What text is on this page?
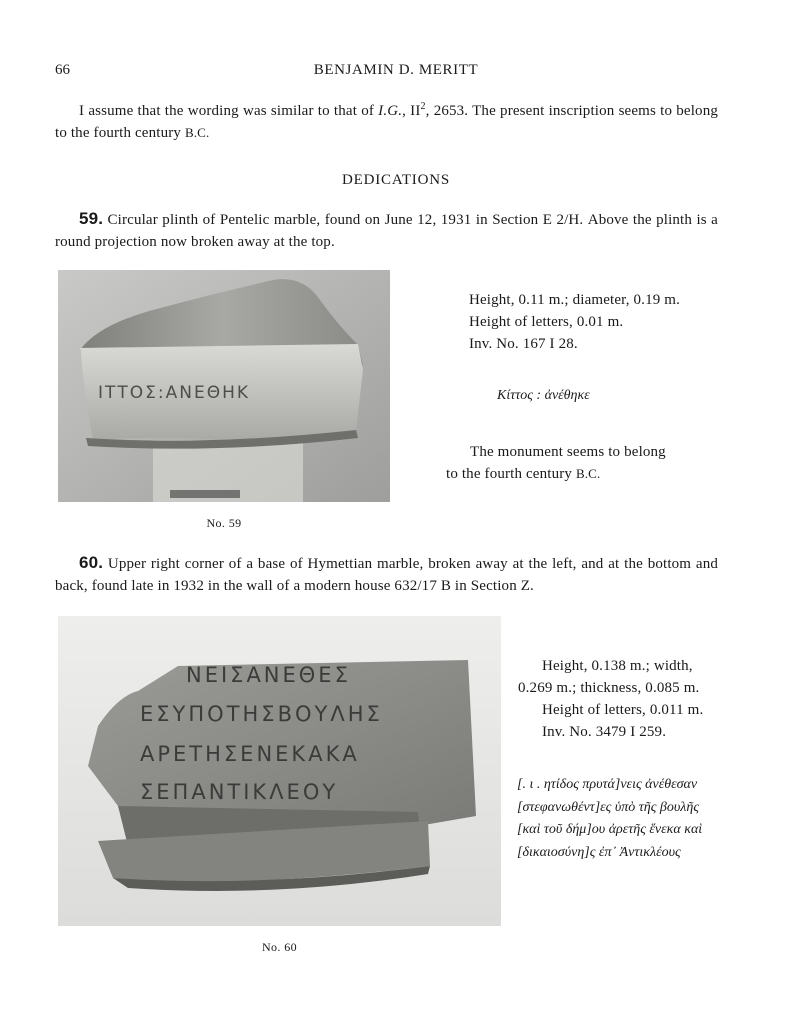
66	BENJAMIN D. MERITT
I assume that the wording was similar to that of I.G., $II^2$, 2653. The present inscription seems to belong to the fourth century B.C.
DEDICATIONS
59. Circular plinth of Pentelic marble, found on June 12, 1931 in Section Ε 2/Η. Above the plinth is a round projection now broken away at the top.
ΙΤΤΟΣ:ΑΝΕΘΗΚ
No. 59
Height, 0.11 m.; diameter, 0.19 m.
Height of letters, 0.01 m.
Inv. No. 167 I 28.
Κίττος : ἀνέθηκε
The monument seems to belong
to the fourth century B.C.
60. Upper right corner of a base of Hymettian marble, broken away at the left, and at the bottom and back, found late in 1932 in the wall of a modern house 632/17 B in Section Ζ.
ΝΕΙΣΑΝΕΘΕΣ
ΕΣΥΠΟΤΗΣΒΟΥΛΗΣ
ΑΡΕΤΗΣΕΝΕΚΑΚΑ
ΣΕΠΑΝΤΙΚΛΕΟΥ
No. 60
Height, 0.138 m.; width,
0.269 m.; thickness, 0.085 m.
Height of letters, 0.011 m.
Inv. No. 3479 I 259.
[. ι . ητίδος πρυτά]νεις ἀνέθεσαν
[στεφανωθέντ]ες ὑπὸ τῆς βουλῆς
[καὶ τοῦ δήμ]ου ἀρετῆς ἕνεκα καὶ
[δικαιοσύνη]ς ἐπ᾽ Ἀντικλέους
